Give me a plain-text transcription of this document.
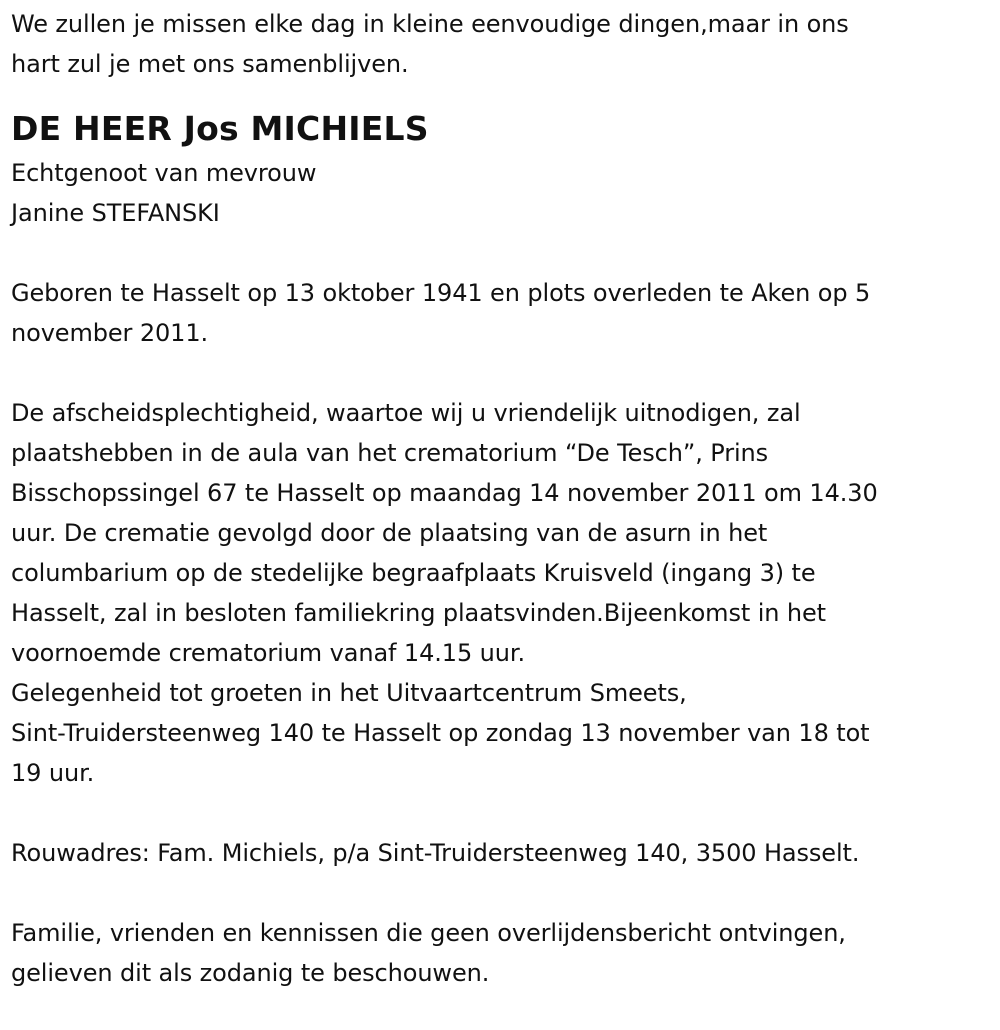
We zullen je missen elke dag in kleine eenvoudige dingen,maar in ons
hart zul je met ons samenblijven.
DE HEER Jos MICHIELS
Echtgenoot van mevrouw
Janine STEFANSKI
Geboren te Hasselt op 13 oktober 1941 en plots overleden te Aken op 5
november 2011.
De afscheidsplechtigheid, waartoe wij u vriendelijk uitnodigen, zal
plaatshebben in de aula van het crematorium “De Tesch”, Prins
Bisschopssingel 67 te Hasselt op maandag 14 november 2011 om 14.30
uur. De crematie gevolgd door de plaatsing van de asurn in het
columbarium op de stedelijke begraafplaats Kruisveld (ingang 3) te
Hasselt, zal in besloten familiekring plaatsvinden.Bijeenkomst in het
voornoemde crematorium vanaf 14.15 uur.
Gelegenheid tot groeten in het Uitvaartcentrum Smeets,
Sint-Truidersteenweg 140 te Hasselt op zondag 13 november van 18 tot
19 uur.
Rouwadres: Fam. Michiels, p/a Sint-Truidersteenweg 140, 3500 Hasselt.
Familie, vrienden en kennissen die geen overlijdensbericht ontvingen,
gelieven dit als zodanig te beschouwen.
